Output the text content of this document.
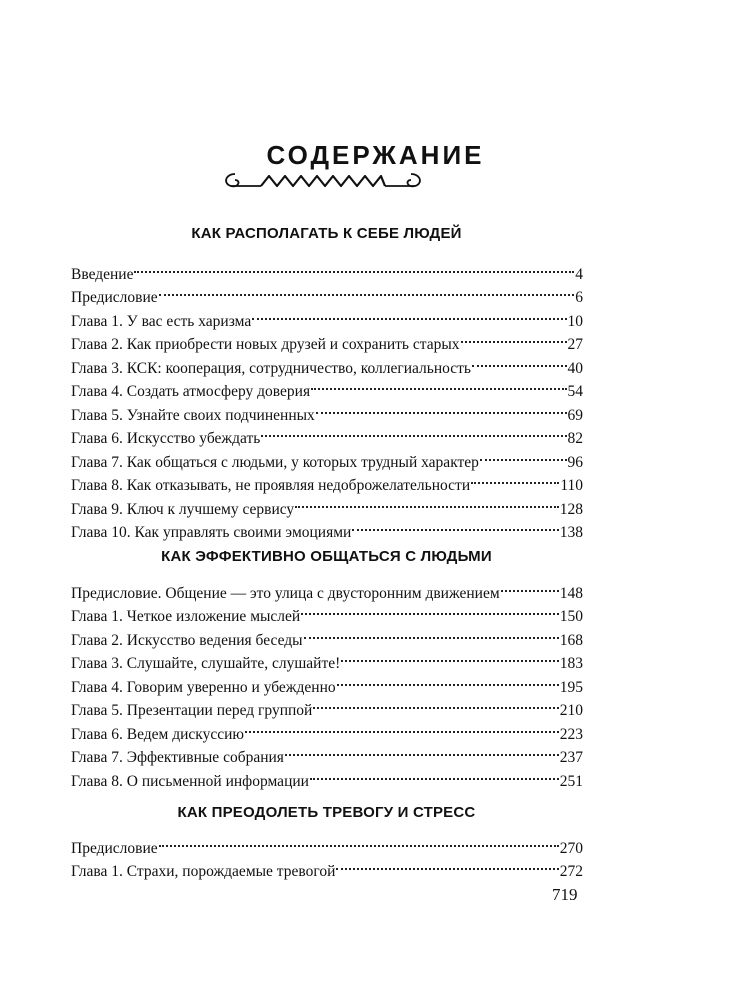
СОДЕРЖАНИЕ
КАК РАСПОЛАГАТЬ К СЕБЕ ЛЮДЕЙ
Введение	4
Предисловие	6
Глава 1. У вас есть харизма	10
Глава 2. Как приобрести новых друзей и сохранить старых	27
Глава 3. КСК: кооперация, сотрудничество, коллегиальность	40
Глава 4. Создать атмосферу доверия	54
Глава 5. Узнайте своих подчиненных	69
Глава 6. Искусство убеждать	82
Глава 7. Как общаться с людьми, у которых трудный характер	96
Глава 8. Как отказывать, не проявляя недоброжелательности	110
Глава 9. Ключ к лучшему сервису	128
Глава 10. Как управлять своими эмоциями	138
КАК ЭФФЕКТИВНО ОБЩАТЬСЯ С ЛЮДЬМИ
Предисловие. Общение — это улица с двусторонним движением	148
Глава 1. Четкое изложение мыслей	150
Глава 2. Искусство ведения беседы	168
Глава 3. Слушайте, слушайте, слушайте!	183
Глава 4. Говорим уверенно и убежденно	195
Глава 5. Презентации перед группой	210
Глава 6. Ведем дискуссию	223
Глава 7. Эффективные собрания	237
Глава 8. О письменной информации	251
КАК ПРЕОДОЛЕТЬ ТРЕВОГУ И СТРЕСС
Предисловие	270
Глава 1. Страхи, порождаемые тревогой	272
719
